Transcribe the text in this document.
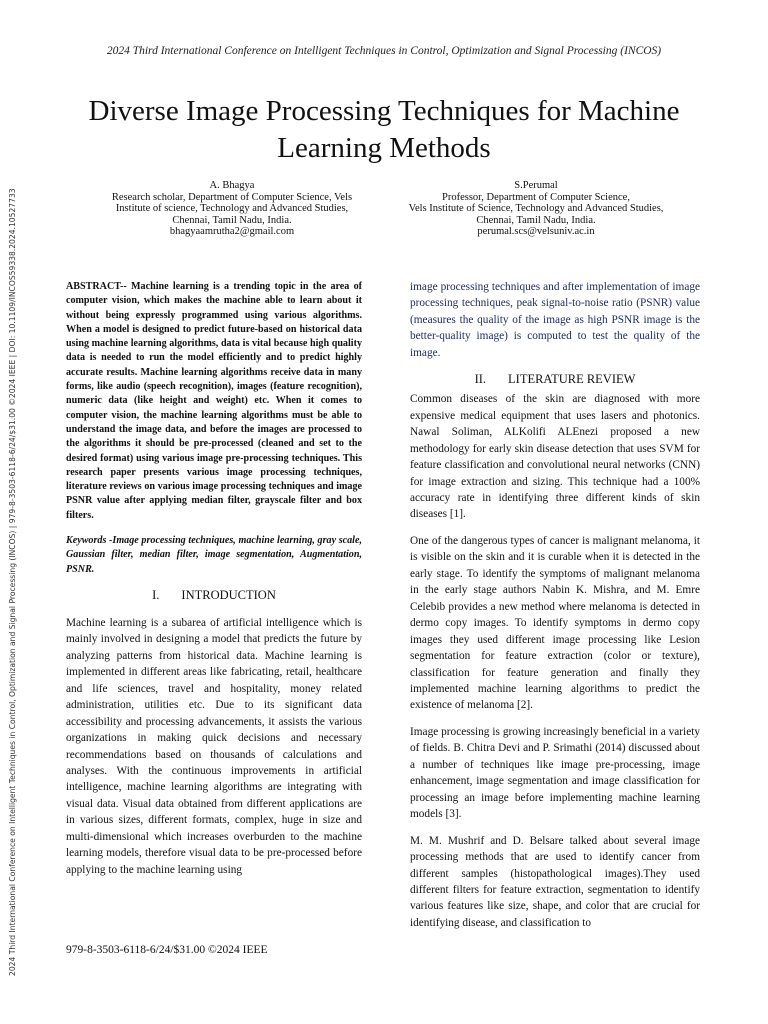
2024 Third International Conference on Intelligent Techniques in Control, Optimization and Signal Processing (INCOS) | 979-8-3503-6118-6/24/$31.00 ©2024 IEEE | DOI: 10.1109/INCOS59338.2024.10527733
2024 Third International Conference on Intelligent Techniques in Control, Optimization and Signal Processing (INCOS)
Diverse Image Processing Techniques for Machine Learning Methods
A. Bhagya
Research scholar, Department of Computer Science, Vels
Institute of science, Technology and Advanced Studies,
Chennai, Tamil Nadu, India.
bhagyaamrutha2@gmail.com
S.Perumal
Professor, Department of Computer Science,
Vels Institute of Science, Technology and Advanced Studies,
Chennai, Tamil Nadu, India.
perumal.scs@velsuniv.ac.in

ABSTRACT-- Machine learning is a trending topic in the area of computer vision, which makes the machine able to learn about it without being expressly programmed using various algorithms. When a model is designed to predict future-based on historical data using machine learning algorithms, data is vital because high quality data is needed to run the model efficiently and to predict highly accurate results. Machine learning algorithms receive data in many forms, like audio (speech recognition), images (feature recognition), numeric data (like height and weight) etc. When it comes to computer vision, the machine learning algorithms must be able to understand the image data, and before the images are processed to the algorithms it should be pre-processed (cleaned and set to the desired format) using various image pre-processing techniques. This research paper presents various image processing techniques, literature reviews on various image processing techniques and image PSNR value after applying median filter, grayscale filter and box filters.

Keywords -Image processing techniques, machine learning, gray scale, Gaussian filter, median filter, image segmentation, Augmentation, PSNR.

I. INTRODUCTION

Machine learning is a subarea of artificial intelligence which is mainly involved in designing a model that predicts the future by analyzing patterns from historical data. Machine learning is implemented in different areas like fabricating, retail, healthcare and life sciences, travel and hospitality, money related administration, utilities etc. Due to its significant data accessibility and processing advancements, it assists the various organizations in making quick decisions and necessary recommendations based on thousands of calculations and analyses. With the continuous improvements in artificial intelligence, machine learning algorithms are integrating with visual data. Visual data obtained from different applications are in various sizes, different formats, complex, huge in size and multi-dimensional which increases overburden to the machine learning models, therefore visual data to be pre-processed before applying to the machine learning using

image processing techniques and after implementation of image processing techniques, peak signal-to-noise ratio (PSNR) value (measures the quality of the image as high PSNR image is the better-quality image) is computed to test the quality of the image.

II. LITERATURE REVIEW

Common diseases of the skin are diagnosed with more expensive medical equipment that uses lasers and photonics. Nawal Soliman, ALKolifi ALEnezi proposed a new methodology for early skin disease detection that uses SVM for feature classification and convolutional neural networks (CNN) for image extraction and sizing. This technique had a 100% accuracy rate in identifying three different kinds of skin diseases [1].

One of the dangerous types of cancer is malignant melanoma, it is visible on the skin and it is curable when it is detected in the early stage. To identify the symptoms of malignant melanoma in the early stage authors Nabin K. Mishra, and M. Emre Celebib provides a new method where melanoma is detected in dermo copy images. To identify symptoms in dermo copy images they used different image processing like Lesion segmentation for feature extraction (color or texture), classification for feature generation and finally they implemented machine learning algorithms to predict the existence of melanoma [2].

Image processing is growing increasingly beneficial in a variety of fields. B. Chitra Devi and P. Srimathi (2014) discussed about a number of techniques like image pre-processing, image enhancement, image segmentation and image classification for processing an image before implementing machine learning models [3].

M. M. Mushrif and D. Belsare talked about several image processing methods that are used to identify cancer from different samples (histopathological images).They used different filters for feature extraction, segmentation to identify various features like size, shape, and color that are crucial for identifying disease, and classification to

979-8-3503-6118-6/24/$31.00 ©2024 IEEE
